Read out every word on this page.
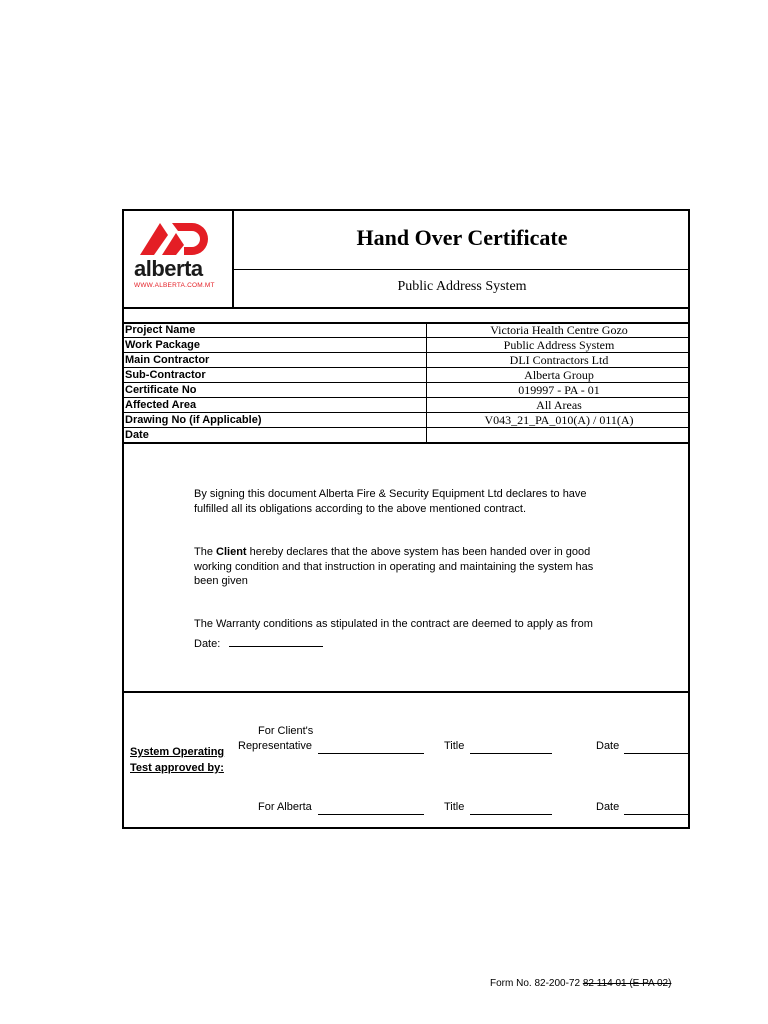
alberta
WWW.ALBERTA.COM.MT
Hand Over Certificate
Public Address System
Project Name	Victoria Health Centre Gozo
Work Package	Public Address System
Main Contractor	DLI Contractors Ltd
Sub-Contractor	Alberta Group
Certificate No	019997 - PA - 01
Affected Area	All Areas
Drawing No (if Applicable)	V043_21_PA_010(A) / 011(A)
Date
By signing this document Alberta Fire & Security Equipment Ltd declares to have fulfilled all its obligations according to the above mentioned contract.
The Client hereby declares that the above system has been handed over in good working condition and that instruction in operating and maintaining the system has been given
The Warranty conditions as stipulated in the contract are deemed to apply as from
Date:
For Client's
Representative	Title	Date
System Operating
Test approved by:
For Alberta	Title	Date
Form No. 82-200-72 82 114 01 (E PA 02)
